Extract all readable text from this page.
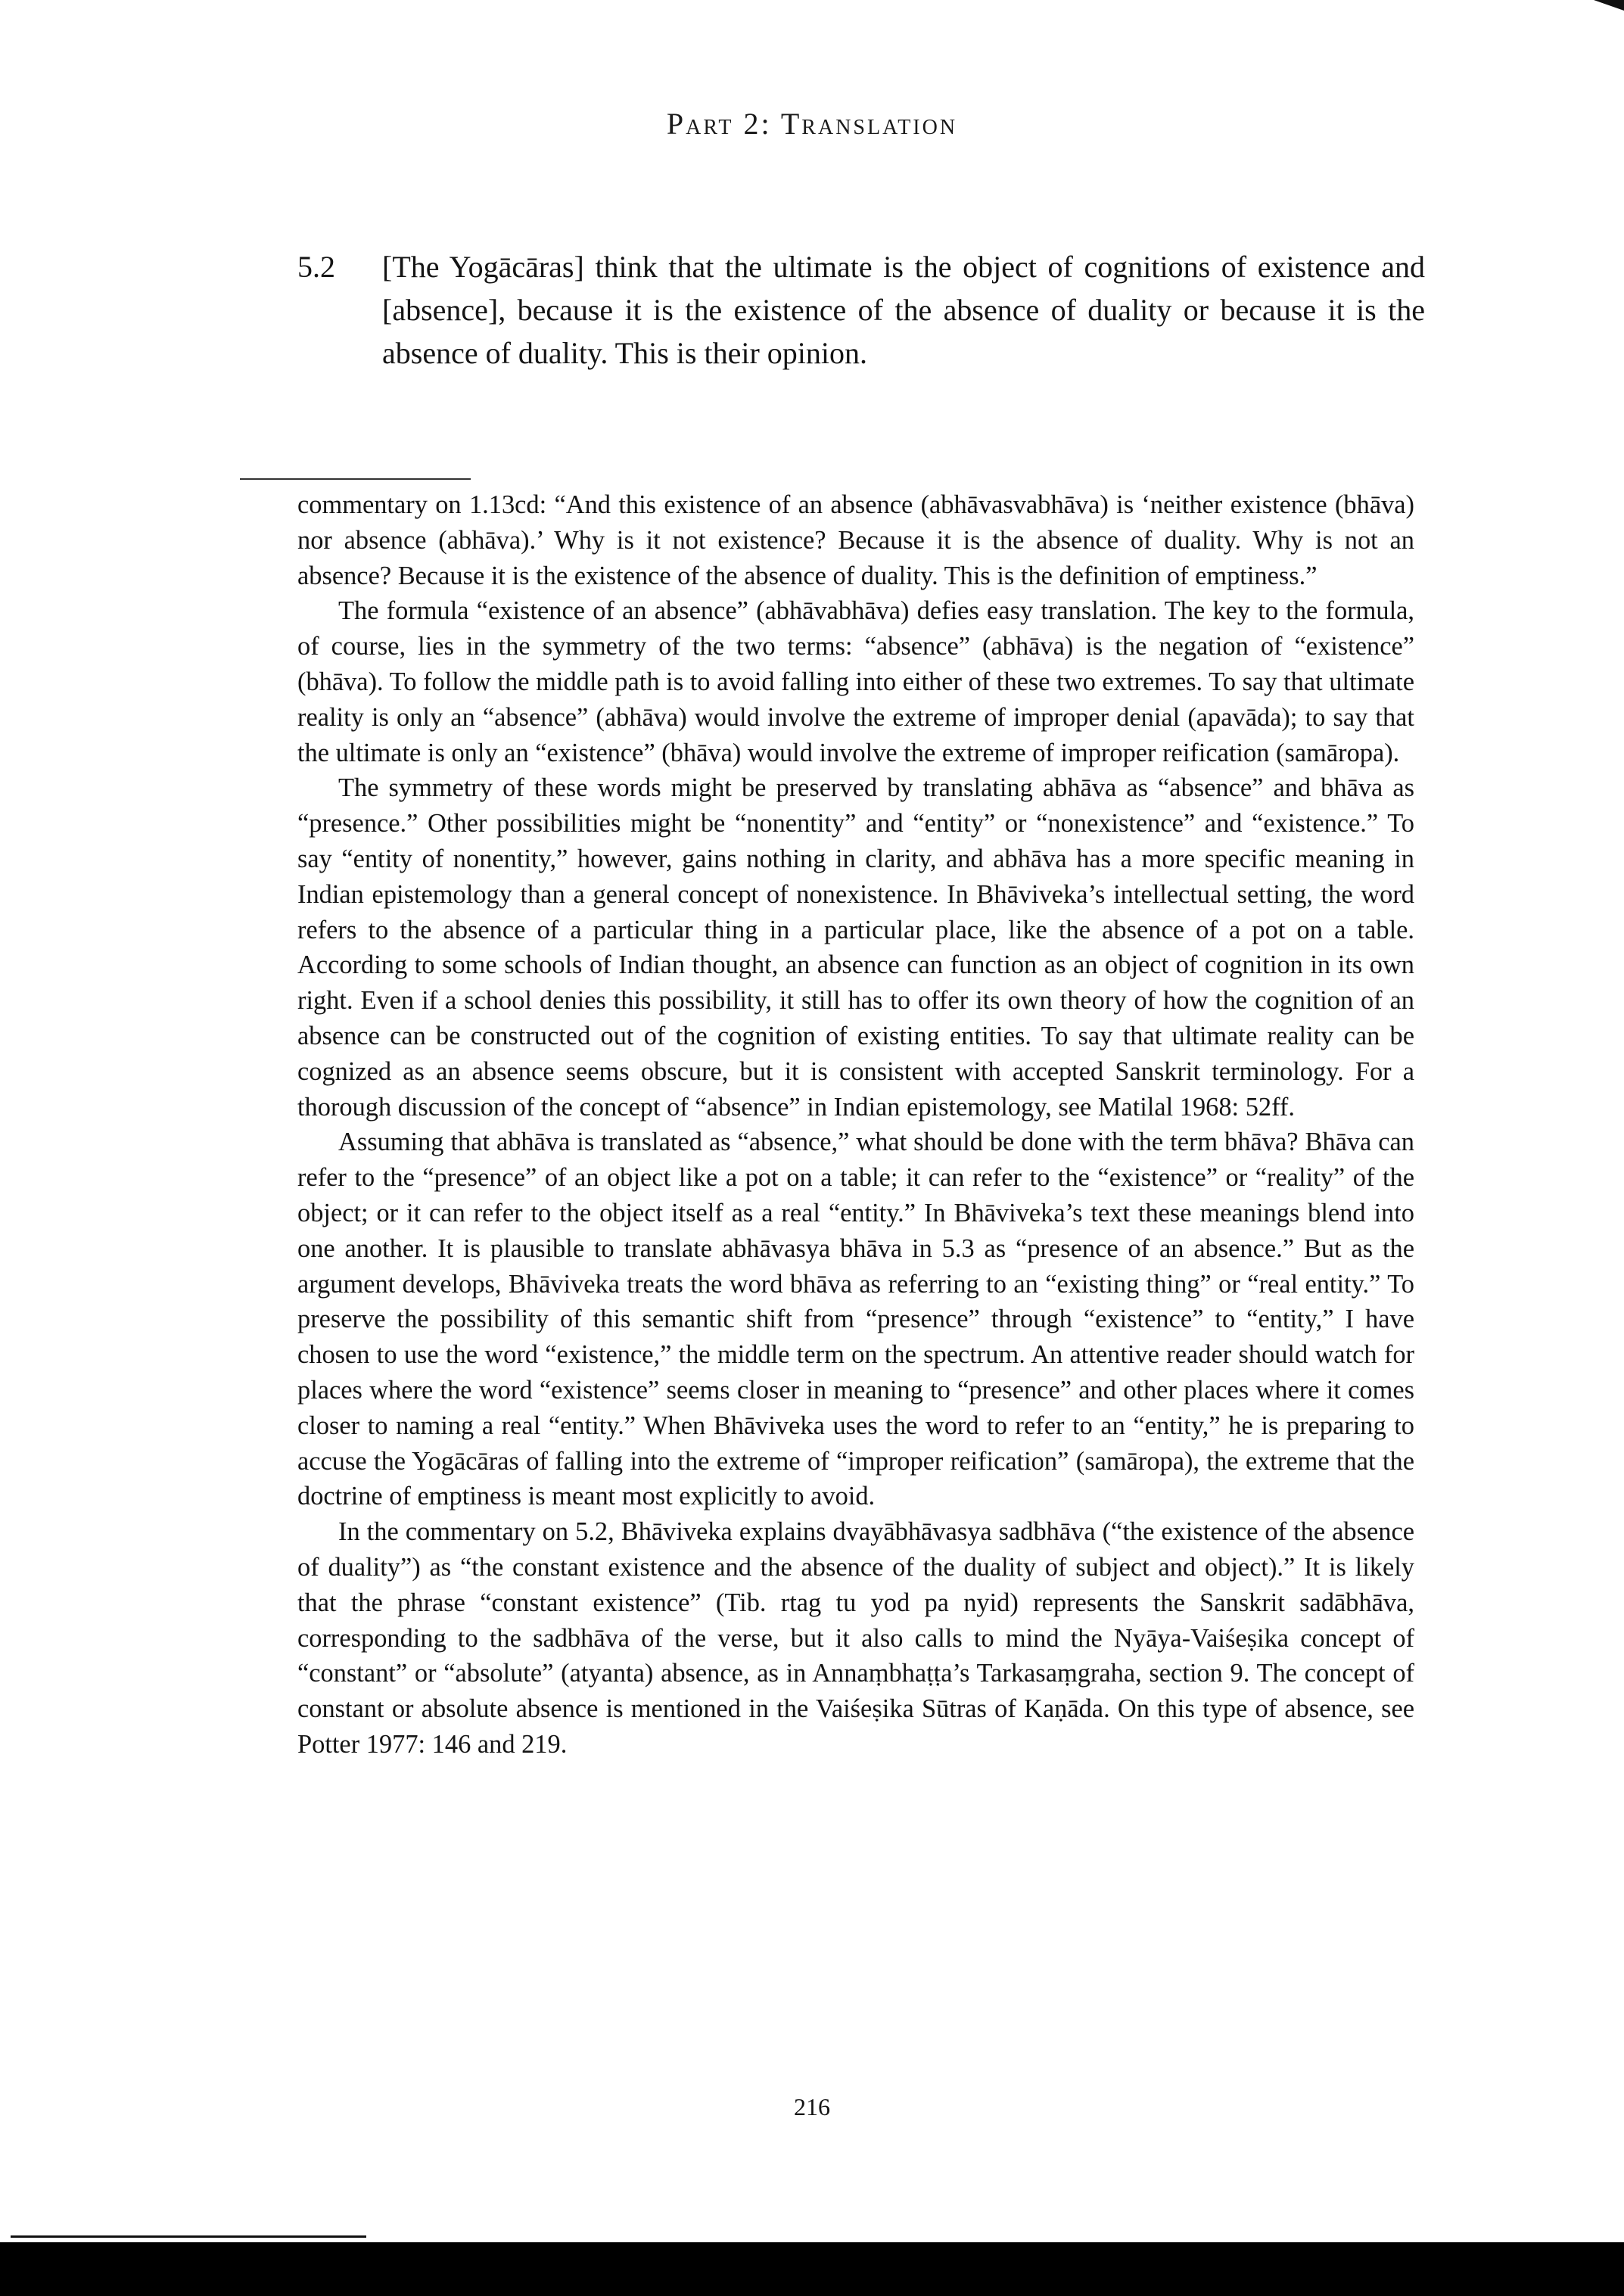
Part 2: Translation
5.2 [The Yogācāras] think that the ultimate is the object of cognitions of existence and [absence], because it is the existence of the absence of duality or because it is the absence of duality. This is their opinion.

commentary on 1.13cd: “And this existence of an absence (abhāvasvabhāva) is ‘neither existence (bhāva) nor absence (abhāva).’ Why is it not existence? Because it is the absence of duality. Why is not an absence? Because it is the existence of the absence of duality. This is the definition of emptiness.”

The formula “existence of an absence” (abhāvabhāva) defies easy translation. The key to the formula, of course, lies in the symmetry of the two terms: “absence” (abhāva) is the negation of “existence” (bhāva). To follow the middle path is to avoid falling into either of these two extremes. To say that ultimate reality is only an “absence” (abhāva) would involve the extreme of improper denial (apavāda); to say that the ultimate is only an “existence” (bhāva) would involve the extreme of improper reification (samāropa).

The symmetry of these words might be preserved by translating abhāva as “absence” and bhāva as “presence.” Other possibilities might be “nonentity” and “entity” or “nonexistence” and “existence.” To say “entity of nonentity,” however, gains nothing in clarity, and abhāva has a more specific meaning in Indian epistemology than a general concept of nonexistence. In Bhāviveka’s intellectual setting, the word refers to the absence of a particular thing in a particular place, like the absence of a pot on a table. According to some schools of Indian thought, an absence can function as an object of cognition in its own right. Even if a school denies this possibility, it still has to offer its own theory of how the cognition of an absence can be constructed out of the cognition of existing entities. To say that ultimate reality can be cognized as an absence seems obscure, but it is consistent with accepted Sanskrit terminology. For a thorough discussion of the concept of “absence” in Indian epistemology, see Matilal 1968: 52ff.

Assuming that abhāva is translated as “absence,” what should be done with the term bhāva? Bhāva can refer to the “presence” of an object like a pot on a table; it can refer to the “existence” or “reality” of the object; or it can refer to the object itself as a real “entity.” In Bhāviveka’s text these meanings blend into one another. It is plausible to translate abhāvasya bhāva in 5.3 as “presence of an absence.” But as the argument develops, Bhāviveka treats the word bhāva as referring to an “existing thing” or “real entity.” To preserve the possibility of this semantic shift from “presence” through “existence” to “entity,” I have chosen to use the word “existence,” the middle term on the spectrum. An attentive reader should watch for places where the word “existence” seems closer in meaning to “presence” and other places where it comes closer to naming a real “entity.” When Bhāviveka uses the word to refer to an “entity,” he is preparing to accuse the Yogācāras of falling into the extreme of “improper reification” (samāropa), the extreme that the doctrine of emptiness is meant most explicitly to avoid.

In the commentary on 5.2, Bhāviveka explains dvayābhāvasya sadbhāva (“the existence of the absence of duality”) as “the constant existence and the absence of the duality of subject and object).” It is likely that the phrase “constant existence” (Tib. rtag tu yod pa nyid) represents the Sanskrit sadābhāva, corresponding to the sadbhāva of the verse, but it also calls to mind the Nyāya-Vaiśeṣika concept of “constant” or “absolute” (atyanta) absence, as in Annaṃbhaṭṭa’s Tarkasaṃgraha, section 9. The concept of constant or absolute absence is mentioned in the Vaiśeṣika Sūtras of Kaṇāda. On this type of absence, see Potter 1977: 146 and 219.

216
